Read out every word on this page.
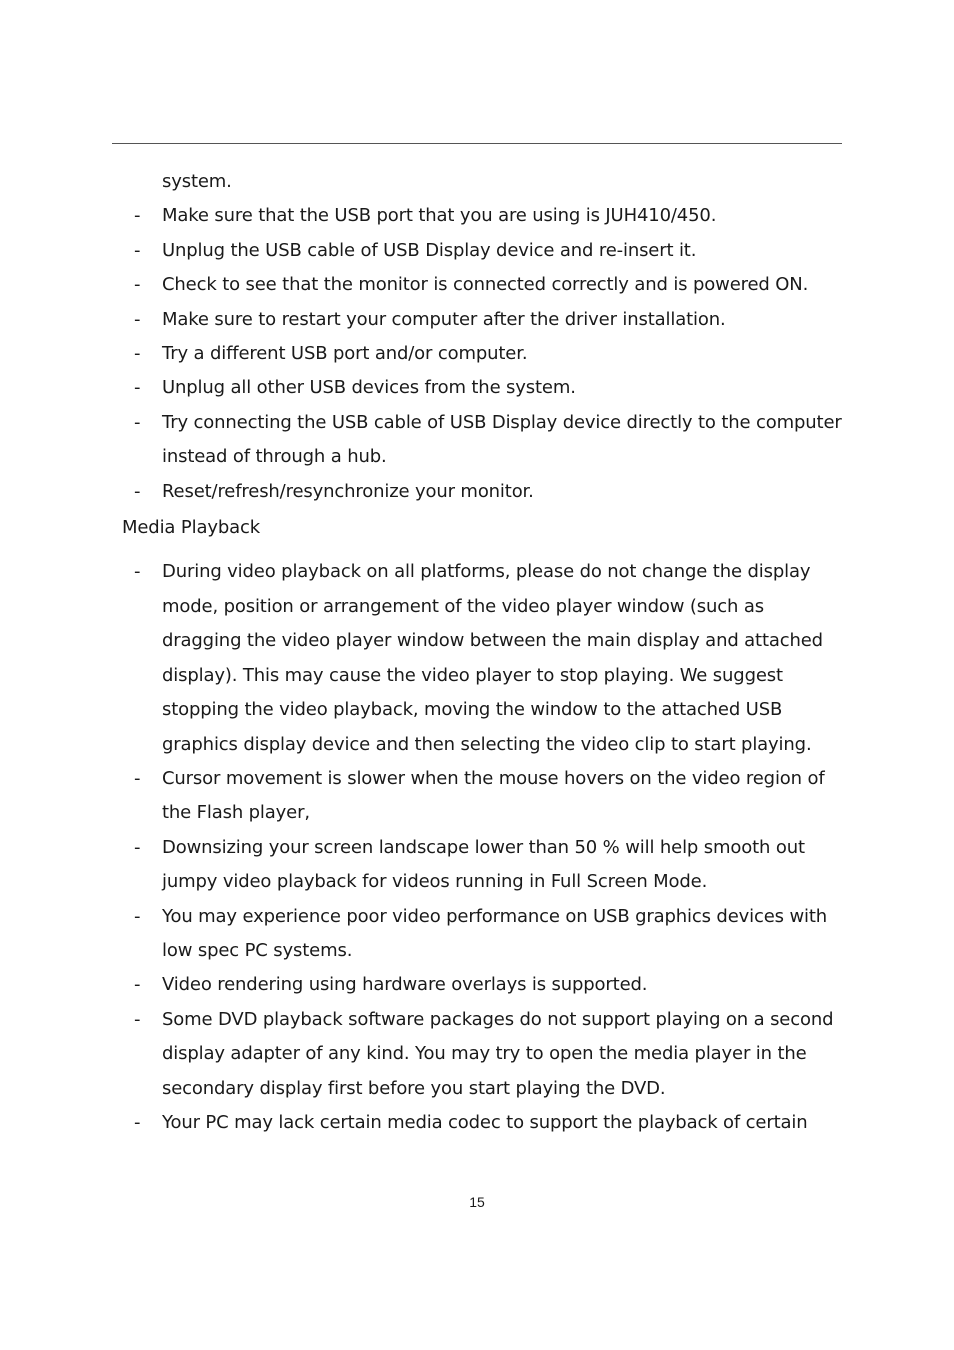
system.
- Make sure that the USB port that you are using is JUH410/450.
- Unplug the USB cable of USB Display device and re-insert it.
- Check to see that the monitor is connected correctly and is powered ON.
- Make sure to restart your computer after the driver installation.
- Try a different USB port and/or computer.
- Unplug all other USB devices from the system.
- Try connecting the USB cable of USB Display device directly to the computer instead of through a hub.
- Reset/refresh/resynchronize your monitor.
Media Playback
- During video playback on all platforms, please do not change the display mode, position or arrangement of the video player window (such as dragging the video player window between the main display and attached display). This may cause the video player to stop playing. We suggest stopping the video playback, moving the window to the attached USB graphics display device and then selecting the video clip to start playing.
- Cursor movement is slower when the mouse hovers on the video region of the Flash player,
- Downsizing your screen landscape lower than 50 % will help smooth out jumpy video playback for videos running in Full Screen Mode.
- You may experience poor video performance on USB graphics devices with low spec PC systems.
- Video rendering using hardware overlays is supported.
- Some DVD playback software packages do not support playing on a second display adapter of any kind. You may try to open the media player in the secondary display first before you start playing the DVD.
- Your PC may lack certain media codec to support the playback of certain
15
